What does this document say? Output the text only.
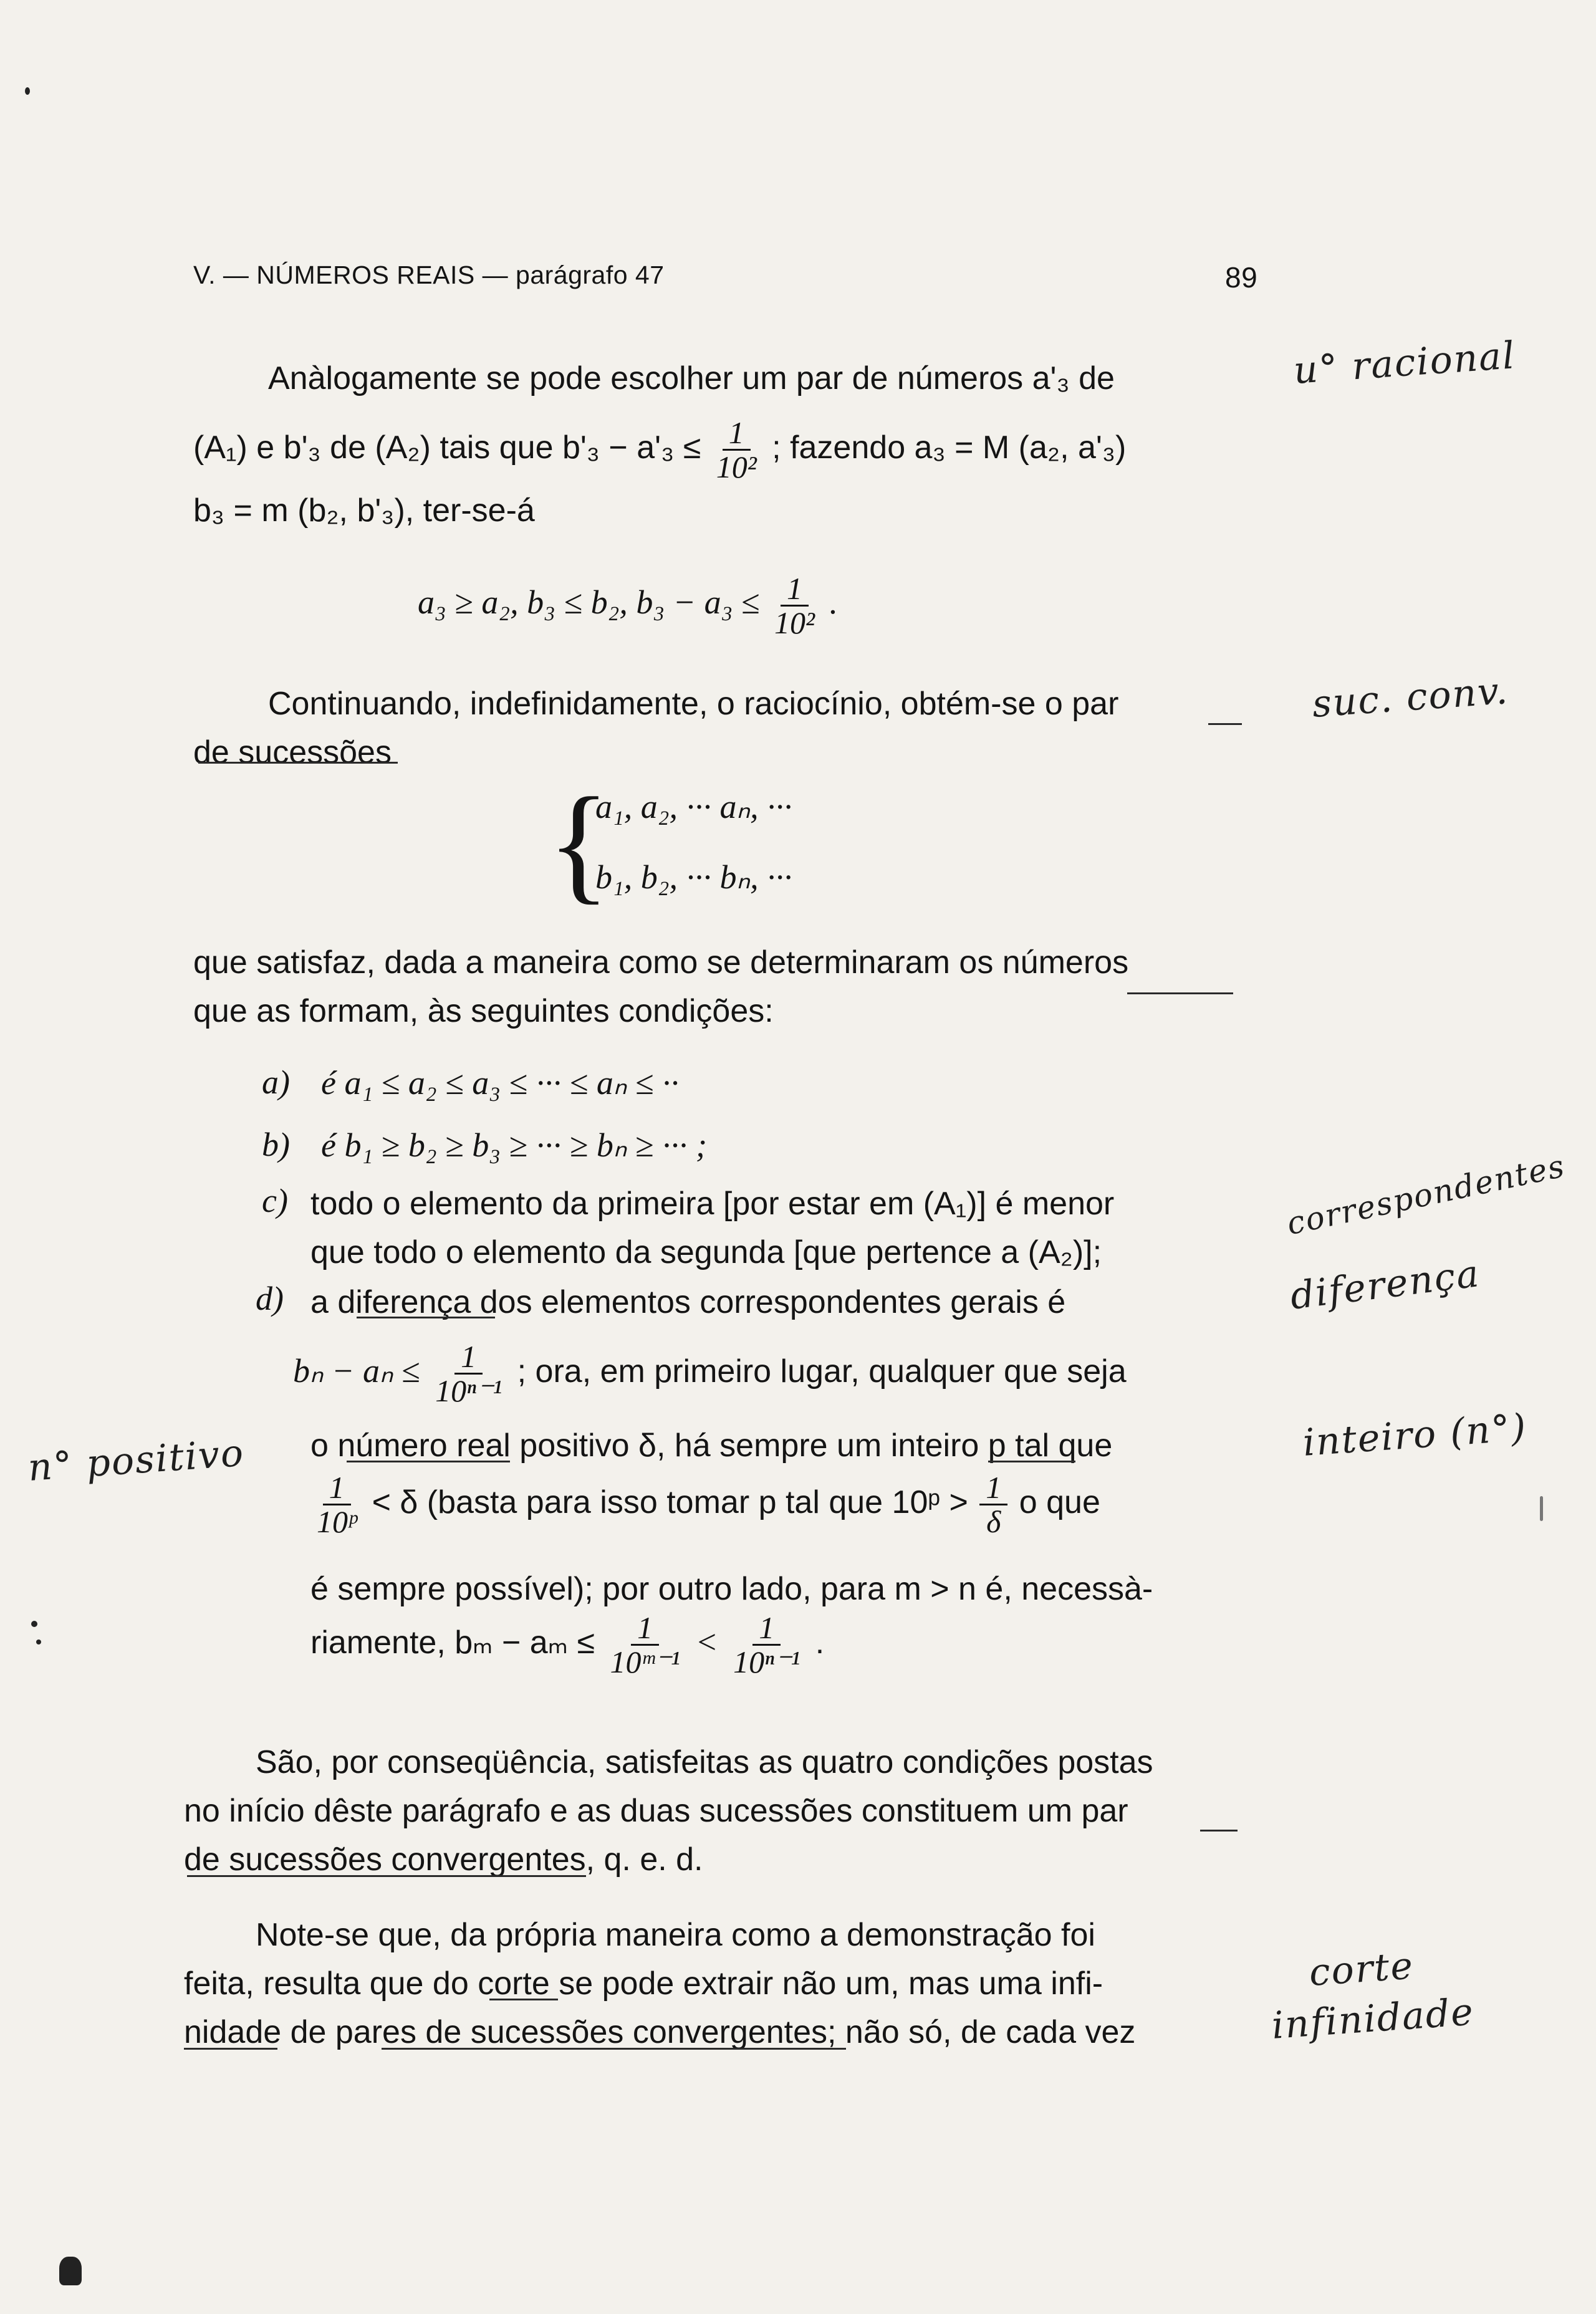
V. — NÚMEROS REAIS — parágrafo 47	89
Anàlogamente se pode escolher um par de números a'₃ de
(A₁) e b'₃ de (A₂) tais que $b'_3 - a'_3 \le \frac{1}{\text{10²}}$ ; fazendo a₃ = M (a₂, a'₃)
b₃ = m (b₂, b'₃), ter-se-á
a₃ ≥ a₂, b₃ ≤ b₂, $b_3 - a_3 \le \frac{1}{\text{10²}}$ .
Continuando, indefinidamente, o raciocínio, obtém-se o par
de sucessões
{
a₁, a₂, ··· aₙ, ···
b₁, b₂, ··· bₙ, ···
que satisfaz, dada a maneira como se determinaram os números
que as formam, às seguintes condições:
a) é a₁ ≤ a₂ ≤ a₃ ≤ ··· ≤ aₙ ≤ ··
b) é b₁ ≥ b₂ ≥ b₃ ≥ ··· ≥ bₙ ≥ ··· ;
c) todo o elemento da primeira [por estar em (A₁)] é menor
que todo o elemento da segunda [que pertence a (A₂)];
d) a diferença dos elementos correspondentes gerais é
$b_n - a_n \le \frac{1}{\text{10ⁿ⁻¹}}$ ; ora, em primeiro lugar, qualquer que seja
o número real positivo δ, há sempre um inteiro p tal que
$\frac{1}{\text{10ᵖ}} < \delta$ (basta para isso tomar p tal que 10ᵖ > $\frac{1}{\delta}$ o que
é sempre possível); por outro lado, para m > n é, necessà-
riamente, $b_m - a_m \le \frac{1}{\text{10ᵐ⁻¹}} < \frac{1}{\text{10ⁿ⁻¹}}$ .
São, por conseqüência, satisfeitas as quatro condições postas
no início dêste parágrafo e as duas sucessões constituem um par
de sucessões convergentes, q. e. d.
Note-se que, da própria maneira como a demonstração foi
feita, resulta que do corte se pode extrair não um, mas uma infi-
nidade de pares de sucessões convergentes; não só, de cada vez
u° racional
suc. conv.
correspondentes
diferença
inteiro (n°)
n° positivo
corte
infinidade
